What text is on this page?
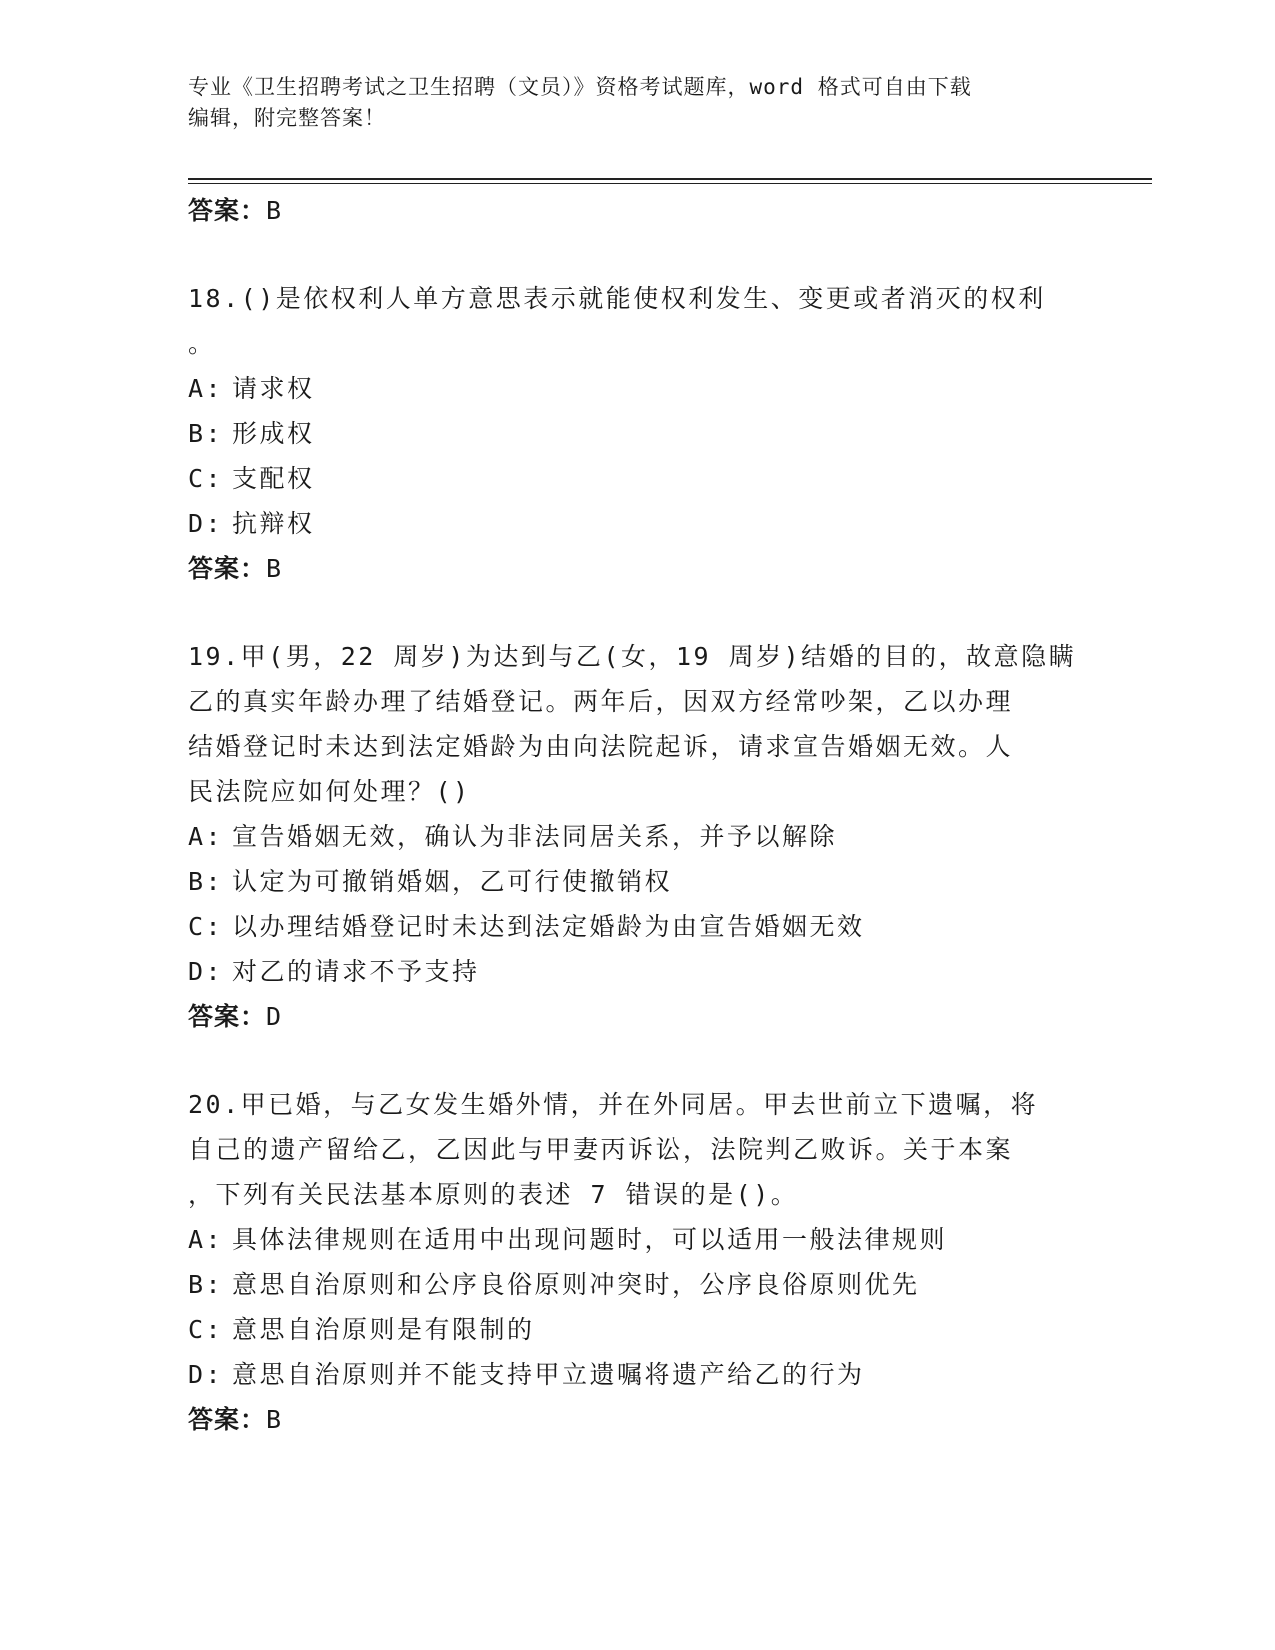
专业《卫生招聘考试之卫生招聘（文员）》资格考试题库，word 格式可自由下载
编辑，附完整答案！

答案：B

18.()是依权利人单方意思表示就能使权利发生、变更或者消灭的权利
。

A: 请求权

B: 形成权

C: 支配权

D: 抗辩权

答案：B

19.甲(男，22 周岁)为达到与乙(女，19 周岁)结婚的目的，故意隐瞒
乙的真实年龄办理了结婚登记。两年后，因双方经常吵架，乙以办理
结婚登记时未达到法定婚龄为由向法院起诉，请求宣告婚姻无效。人
民法院应如何处理？()

A: 宣告婚姻无效，确认为非法同居关系，并予以解除

B: 认定为可撤销婚姻，乙可行使撤销权

C: 以办理结婚登记时未达到法定婚龄为由宣告婚姻无效

D: 对乙的请求不予支持

答案：D

20.甲已婚，与乙女发生婚外情，并在外同居。甲去世前立下遗嘱，将
自己的遗产留给乙，乙因此与甲妻丙诉讼，法院判乙败诉。关于本案
，下列有关民法基本原则的表述 7 错误的是()。

A: 具体法律规则在适用中出现问题时，可以适用一般法律规则

B: 意思自治原则和公序良俗原则冲突时，公序良俗原则优先

C: 意思自治原则是有限制的

D: 意思自治原则并不能支持甲立遗嘱将遗产给乙的行为

答案：B
